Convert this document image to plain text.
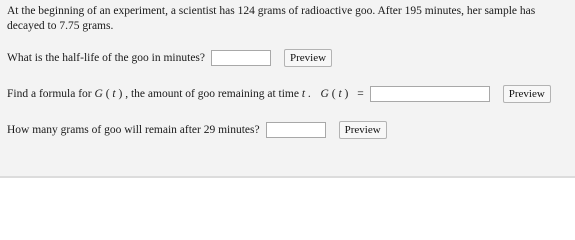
At the beginning of an experiment, a scientist has 124 grams of radioactive goo. After 195 minutes, her sample has decayed to 7.75 grams.
What is the half-life of the goo in minutes?	Preview
Find a formula for G ( t ) , the amount of goo remaining at time t . G ( t ) =	Preview
How many grams of goo will remain after 29 minutes?	Preview
